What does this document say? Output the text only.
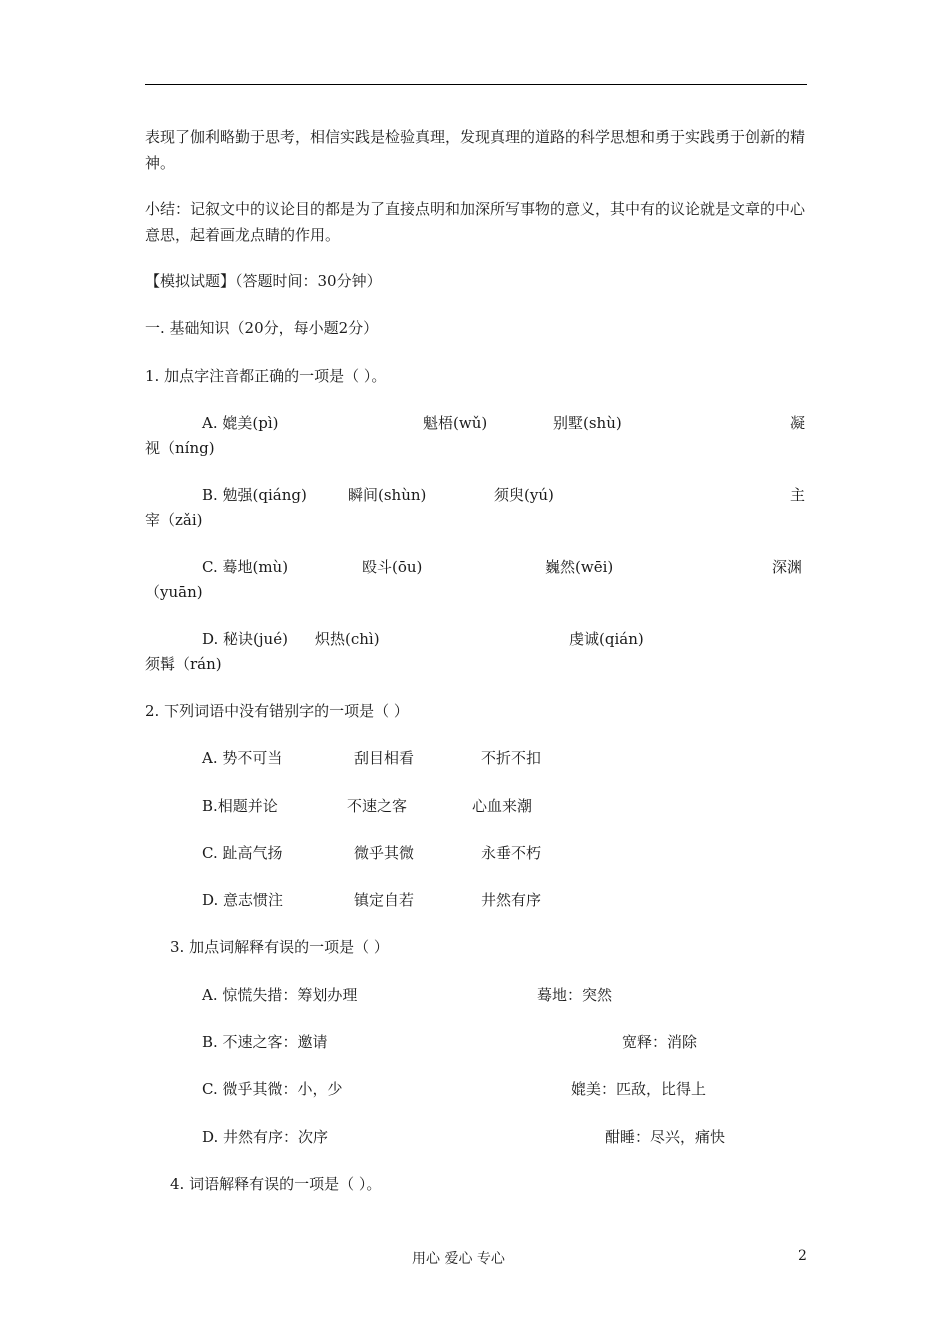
表现了伽利略勤于思考，相信实践是检验真理，发现真理的道路的科学思想和勇于实践勇于创新的精神。
小结：记叙文中的议论目的都是为了直接点明和加深所写事物的意义，其中有的议论就是文章的中心意思，起着画龙点睛的作用。
【模拟试题】（答题时间：30分钟）
一. 基础知识（20分，每小题2分）
1. 加点字注音都正确的一项是（ ）。
A. 媲美(pì)	魁梧(wǔ)	别墅(shù)	凝
视（níng)
B. 勉强(qiáng)	瞬间(shùn)	须臾(yú)	主
宰（zǎi)
C. 蓦地(mù)	殴斗(ōu)	巍然(wēi)	深渊
（yuān)
D. 秘诀(jué) 炽热(chì)	虔诚(qián)
须髯（rán)
2. 下列词语中没有错别字的一项是（ ）
A. 势不可当	刮目相看	不折不扣
B.相题并论	不速之客	心血来潮
C. 趾高气扬	微乎其微	永垂不朽
D. 意志惯注	镇定自若	井然有序
3. 加点词解释有误的一项是（ ）
A. 惊慌失措：筹划办理	蓦地：突然
B. 不速之客：邀请	宽释：消除
C. 微乎其微：小，少	媲美：匹敌，比得上
D. 井然有序：次序	酣睡：尽兴，痛快
4. 词语解释有误的一项是（ ）。
用心 爱心 专心	2
